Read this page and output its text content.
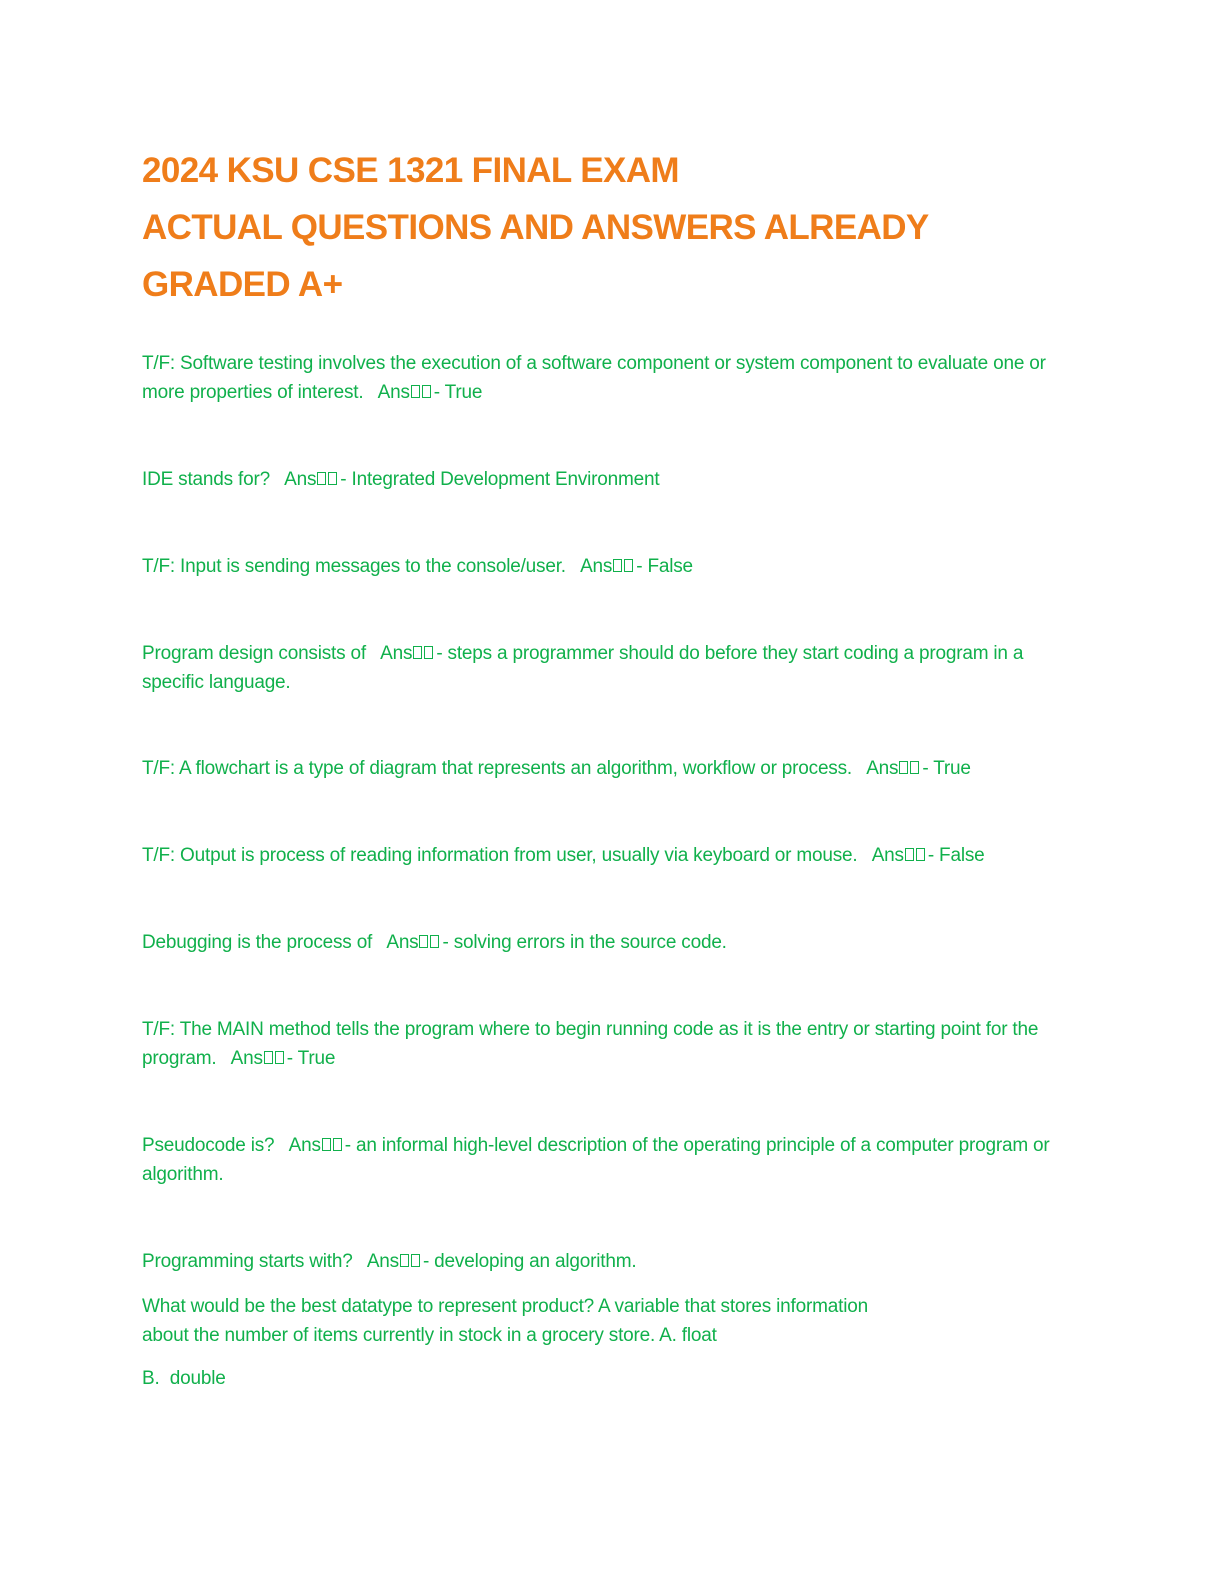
2024 KSU CSE 1321 FINAL EXAM
ACTUAL QUESTIONS AND ANSWERS ALREADY
GRADED A+
T/F: Software testing involves the execution of a software component or system component to evaluate one or more properties of interest. Ans - True
IDE stands for? Ans - Integrated Development Environment
T/F: Input is sending messages to the console/user. Ans - False
Program design consists of Ans - steps a programmer should do before they start coding a program in a specific language.
T/F: A flowchart is a type of diagram that represents an algorithm, workflow or process. Ans - True
T/F: Output is process of reading information from user, usually via keyboard or mouse. Ans - False
Debugging is the process of Ans - solving errors in the source code.
T/F: The MAIN method tells the program where to begin running code as it is the entry or starting point for the program. Ans - True
Pseudocode is? Ans - an informal high-level description of the operating principle of a computer program or algorithm.
Programming starts with? Ans - developing an algorithm.
What would be the best datatype to represent product? A variable that stores information
about the number of items currently in stock in a grocery store. A. float
B. double
